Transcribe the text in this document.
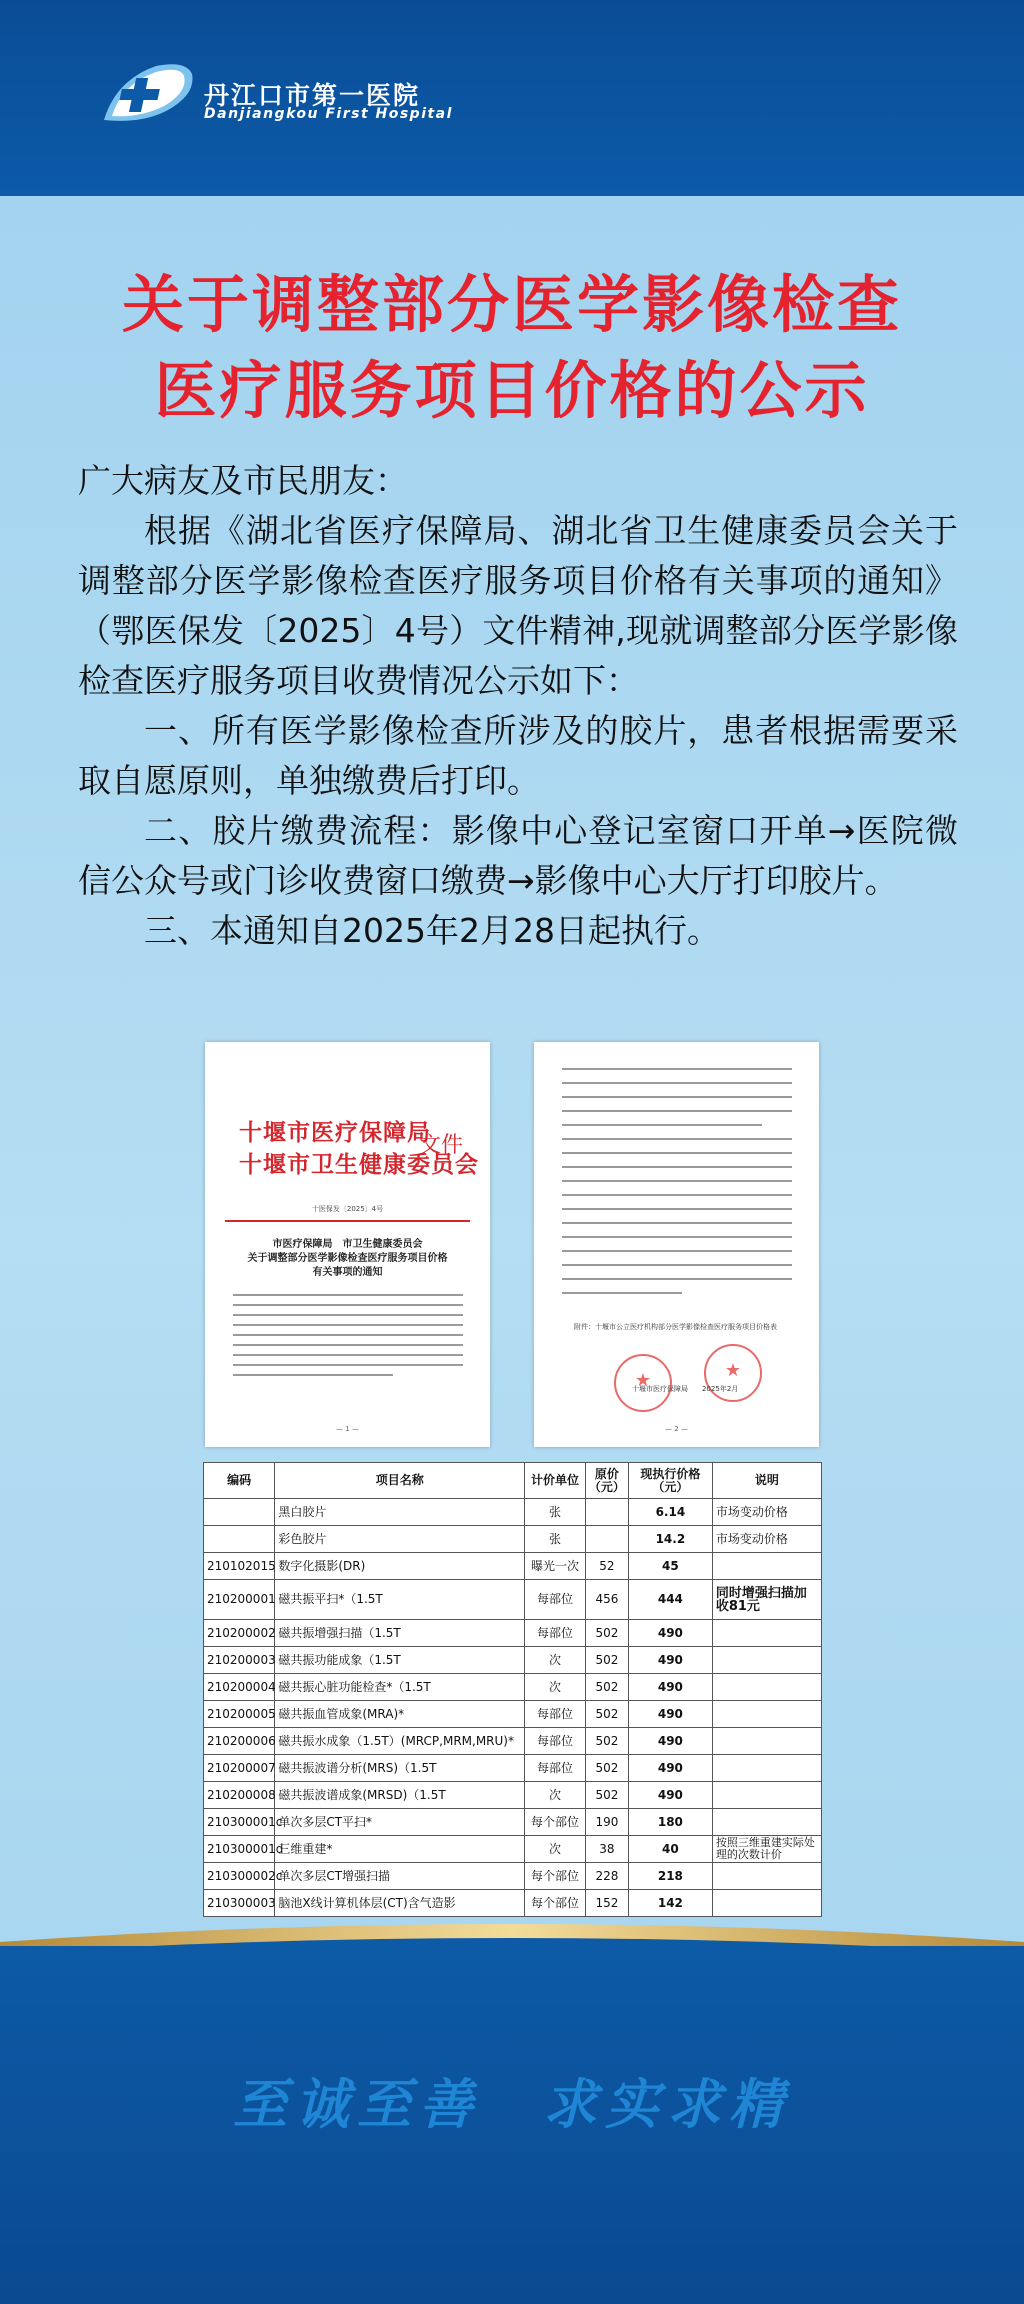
丹江口市第一医院
Danjiangkou First Hospital
关于调整部分医学影像检查
医疗服务项目价格的公示

广大病友及市民朋友：

根据《湖北省医疗保障局、湖北省卫生健康委员会关于调整部分医学影像检查医疗服务项目价格有关事项的通知》（鄂医保发〔2025〕4号）文件精神,现就调整部分医学影像检查医疗服务项目收费情况公示如下：

一、所有医学影像检查所涉及的胶片，患者根据需要采取自愿原则，单独缴费后打印。

二、胶片缴费流程：影像中心登记室窗口开单→医院微信公众号或门诊收费窗口缴费→影像中心大厅打印胶片。

三、本通知自2025年2月28日起执行。

十堰市医疗保障局
十堰市卫生健康委员会
文件
十医保发〔2025〕4号
市医疗保障局　市卫生健康委员会
关于调整部分医学影像检查医疗服务项目价格
有关事项的通知
— 1 —
附件：十堰市公立医疗机构部分医学影像检查医疗服务项目价格表
★
★
十堰市医疗保障局　　2025年2月
— 2 —
编码	项目名称	计价单位	原价（元）	现执行价格（元）	说明
	黑白胶片	张		6.14	市场变动价格
	彩色胶片	张		14.2	市场变动价格
210102015	数字化摄影(DR)	曝光一次	52	45	
210200001	磁共振平扫*（1.5T	每部位	456	444	同时增强扫描加收81元
210200002	磁共振增强扫描（1.5T	每部位	502	490	
210200003	磁共振功能成象（1.5T	次	502	490	
210200004	磁共振心脏功能检查*（1.5T	次	502	490	
210200005	磁共振血管成象(MRA)*	每部位	502	490	
210200006	磁共振水成象（1.5T）(MRCP,MRM,MRU)*	每部位	502	490	
210200007	磁共振波谱分析(MRS)（1.5T	每部位	502	490	
210200008	磁共振波谱成象(MRSD)（1.5T	次	502	490	
210300001c	单次多层CT平扫*	每个部位	190	180	
210300001d	三维重建*	次	38	40	按照三维重建实际处理的次数计价
210300002c	单次多层CT增强扫描	每个部位	228	218	
210300003	脑池X线计算机体层(CT)含气造影	每个部位	152	142	
至诚至善　求实求精
